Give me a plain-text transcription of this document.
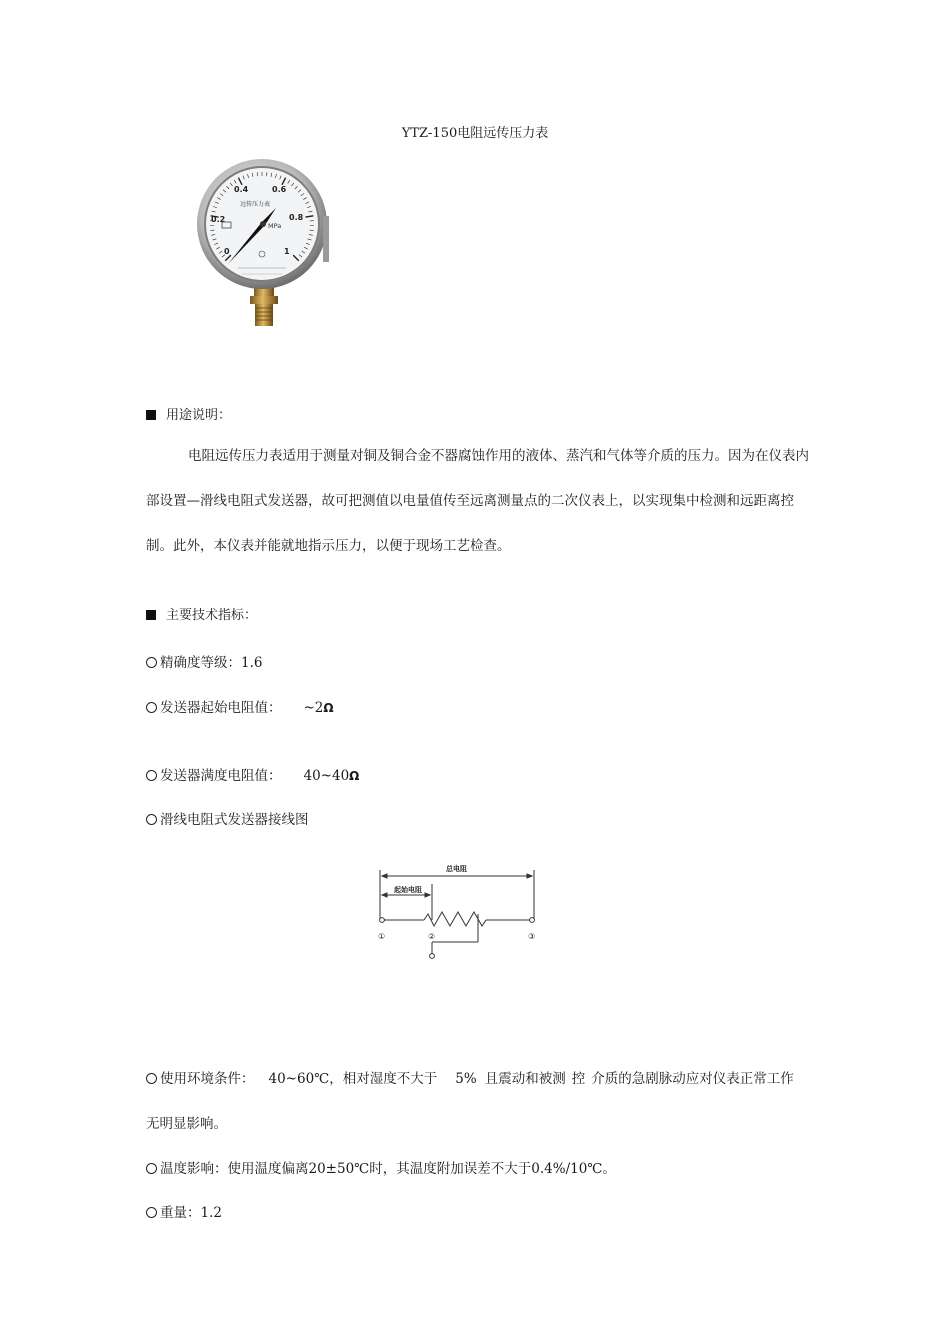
YTZ-150电阻远传压力表
0
0.2
0.4	0.6
0.8
1
远传压力表
MPa
用途说明：
电阻远传压力表适用于测量对铜及铜合金不器腐蚀作用的液体、蒸汽和气体等介质的压力。因为在仪表内部设置—滑线电阻式发送器，故可把测值以电量值传至远离测量点的二次仪表上，以实现集中检测和远距离控制。此外，本仪表并能就地指示压力，以便于现场工艺检查。
主要技术指标：
精确度等级：1.6
发送器起始电阻值： ~2Ω
发送器满度电阻值： 40~40Ω
滑线电阻式发送器接线图
总电阻
起始电阻
①	②	③
使用环境条件： 40~60℃，相对湿度不大于 5% 且震动和被测 控 介质的急剧脉动应对仪表正常工作
无明显影响。
温度影响：使用温度偏离20±50℃时，其温度附加误差不大于0.4%/10℃。
重量：1.2
